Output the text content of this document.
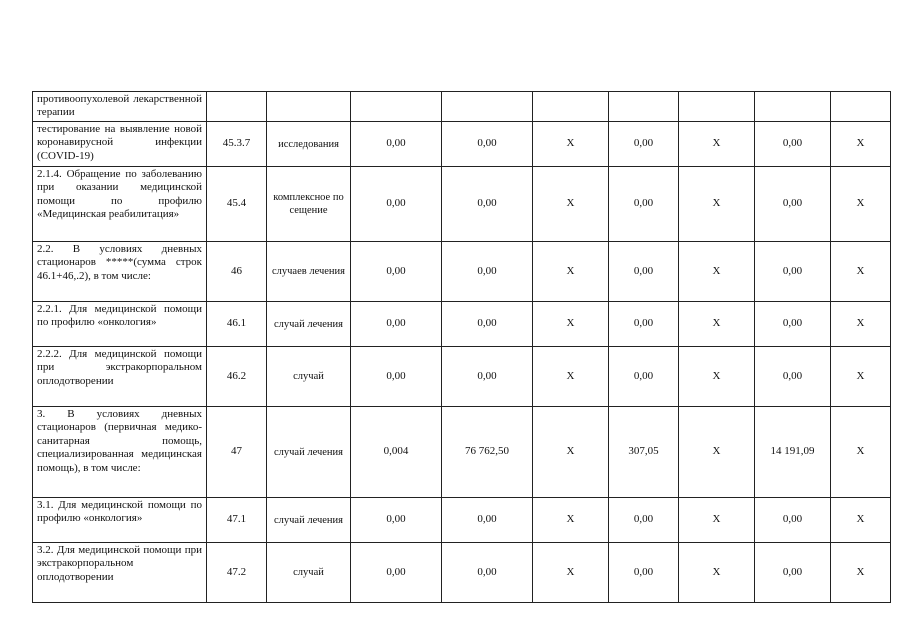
противоопухолевой лекарственной терапии									
тестирование на выявление новой коронавирусной инфекции (COVID-19)	45.3.7	исследования	0,00	0,00	X	0,00	X	0,00	X
2.1.4. Обращение по заболеванию при оказании медицинской помощи по профилю «Медицинская реабилитация»	45.4	комплексное посещение	0,00	0,00	X	0,00	X	0,00	X
2.2. В условиях дневных стационаров *****(сумма строк 46.1+46,.2), в том числе:	46	случаев лечения	0,00	0,00	X	0,00	X	0,00	X
2.2.1. Для медицинской помощи по профилю «онкология»	46.1	случай лечения	0,00	0,00	X	0,00	X	0,00	X
2.2.2. Для медицинской помощи при экстракорпоральном оплодотворении	46.2	случай	0,00	0,00	X	0,00	X	0,00	X
3. В условиях дневных стационаров (первичная медико-санитарная помощь, специализированная медицинская помощь), в том числе:	47	случай лечения	0,004	76 762,50	X	307,05	X	14 191,09	X
3.1. Для медицинской помощи по профилю «онкология»	47.1	случай лечения	0,00	0,00	X	0,00	X	0,00	X
3.2. Для медицинской помощи при экстракорпоральном оплодотворении	47.2	случай	0,00	0,00	X	0,00	X	0,00	X
